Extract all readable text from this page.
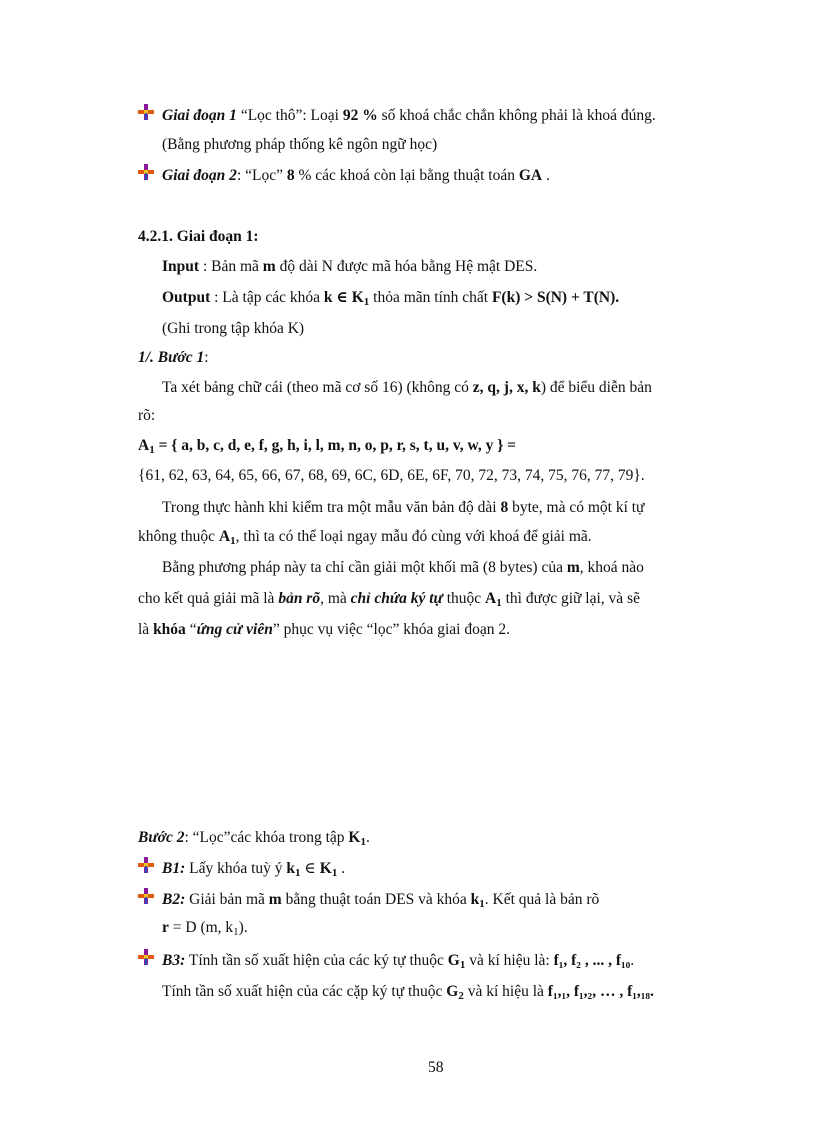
Giai đoạn 1 “Lọc thô”: Loại 92 % số khoá chắc chắn không phải là khoá đúng.
(Bằng phương pháp thống kê ngôn ngữ học)
Giai đoạn 2: “Lọc” 8 % các khoá còn lại bằng thuật toán GA .
4.2.1. Giai đoạn 1:
Input : Bản mã m độ dài N được mã hóa bằng Hệ mật DES.
Output : Là tập các khóa k ∈ $K_1$ thỏa mãn tính chất F(k) > S(N) + T(N).
(Ghi trong tập khóa K)
1/. Bước 1:
Ta xét bảng chữ cái (theo mã cơ số 16) (không có z, q, j, x, k) để biểu diễn bản
rõ:
$A_1$ = { a, b, c, d, e, f, g, h, i, l, m, n, o, p, r, s, t, u, v, w, y } =
{61, 62, 63, 64, 65, 66, 67, 68, 69, 6C, 6D, 6E, 6F, 70, 72, 73, 74, 75, 76, 77, 79}.
Trong thực hành khi kiểm tra một mẫu văn bản độ dài 8 byte, mà có một kí tự
không thuộc $A_1$, thì ta có thể loại ngay mẫu đó cùng với khoá để giải mã.
Bằng phương pháp này ta chỉ cần giải một khối mã (8 bytes) của m, khoá nào
cho kết quả giải mã là bản rõ, mà chỉ chứa ký tự thuộc $A_1$ thì được giữ lại, và sẽ
là khóa “ứng cử viên” phục vụ việc “lọc” khóa giai đoạn 2.
Bước 2: “Lọc”các khóa trong tập $K_1$.
B1: Lấy khóa tuỳ ý $k_1$ ∈ $K_1$ .
B2: Giải bản mã m bằng thuật toán DES và khóa $k_1$. Kết quả là bản rõ
r = D (m, $k_1$).
B3: Tính tần số xuất hiện của các ký tự thuộc $G_1$ và kí hiệu là: f₁, f₂ , ... , f₁₀.
Tính tần số xuất hiện của các cặp ký tự thuộc $G_2$ và kí hiệu là f₁,₁, f₁,₂, … , f₁,₁₈.
58
